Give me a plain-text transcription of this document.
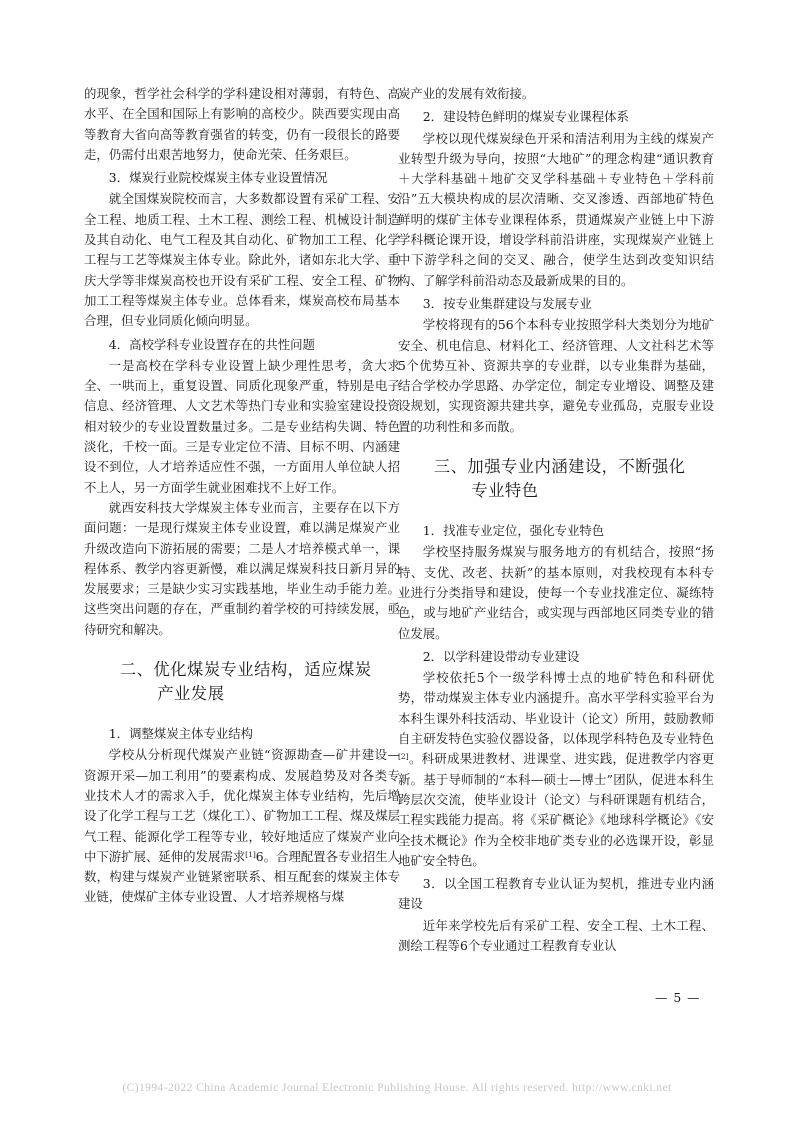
的现象，哲学社会科学的学科建设相对薄弱，有特色、高水平、在全国和国际上有影响的高校少。陕西要实现由高等教育大省向高等教育强省的转变，仍有一段很长的路要走，仍需付出艰苦地努力，使命光荣、任务艰巨。

3．煤炭行业院校煤炭主体专业设置情况

就全国煤炭院校而言，大多数都设置有采矿工程、安全工程、地质工程、土木工程、测绘工程、机械设计制造及其自动化、电气工程及其自动化、矿物加工工程、化学工程与工艺等煤炭主体专业。除此外，诸如东北大学、重庆大学等非煤炭高校也开设有采矿工程、安全工程、矿物加工工程等煤炭主体专业。总体看来，煤炭高校布局基本合理，但专业同质化倾向明显。

4．高校学科专业设置存在的共性问题

一是高校在学科专业设置上缺少理性思考，贪大求全、一哄而上，重复设置、同质化现象严重，特别是电子信息、经济管理、人文艺术等热门专业和实验室建设投资相对较少的专业设置数量过多。二是专业结构失调、特色淡化，千校一面。三是专业定位不清、目标不明、内涵建设不到位，人才培养适应性不强，一方面用人单位缺人招不上人，另一方面学生就业困难找不上好工作。

就西安科技大学煤炭主体专业而言，主要存在以下方面问题：一是现行煤炭主体专业设置，难以满足煤炭产业升级改造向下游拓展的需要；二是人才培养模式单一，课程体系、教学内容更新慢，难以满足煤炭科技日新月异的发展要求；三是缺少实习实践基地，毕业生动手能力差。这些突出问题的存在，严重制约着学校的可持续发展，亟待研究和解决。

二、优化煤炭专业结构，适应煤炭
产业发展

1．调整煤炭主体专业结构

学校从分析现代煤炭产业链“资源勘查—矿井建设—资源开采—加工利用”的要素构成、发展趋势及对各类专业技术人才的需求入手，优化煤炭主体专业结构，先后增设了化学工程与工艺（煤化工）、矿物加工工程、煤及煤层气工程、能源化学工程等专业，较好地适应了煤炭产业向中下游扩展、延伸的发展需求[1]6。合理配置各专业招生人数，构建与煤炭产业链紧密联系、相互配套的煤炭主体专业链，使煤矿主体专业设置、人才培养规格与煤

炭产业的发展有效衔接。

2．建设特色鲜明的煤炭专业课程体系

学校以现代煤炭绿色开采和清洁利用为主线的煤炭产业转型升级为导向，按照“大地矿”的理念构建“通识教育＋大学科基础＋地矿交叉学科基础＋专业特色＋学科前沿”五大模块构成的层次清晰、交叉渗透、西部地矿特色鲜明的煤矿主体专业课程体系，贯通煤炭产业链上中下游学科概论课开设，增设学科前沿讲座，实现煤炭产业链上中下游学科之间的交叉、融合，使学生达到改变知识结构、了解学科前沿动态及最新成果的目的。

3．按专业集群建设与发展专业

学校将现有的56个本科专业按照学科大类划分为地矿安全、机电信息、材料化工、经济管理、人文社科艺术等5个优势互补、资源共享的专业群，以专业集群为基础，结合学校办学思路、办学定位，制定专业增设、调整及建设规划，实现资源共建共享，避免专业孤岛，克服专业设置的功利性和多而散。

三、加强专业内涵建设，不断强化
专业特色

1．找准专业定位，强化专业特色

学校坚持服务煤炭与服务地方的有机结合，按照“扬特、支优、改老、扶新”的基本原则，对我校现有本科专业进行分类指导和建设，使每一个专业找准定位、凝练特色，或与地矿产业结合，或实现与西部地区同类专业的错位发展。

2．以学科建设带动专业建设

学校依托5个一级学科博士点的地矿特色和科研优势，带动煤炭主体专业内涵提升。高水平学科实验平台为本科生课外科技活动、毕业设计（论文）所用，鼓励教师自主研发特色实验仪器设备，以体现学科特色及专业特色[2]。科研成果进教材、进课堂、进实践，促进教学内容更新。基于导师制的“本科—硕士—博士”团队，促进本科生跨层次交流，使毕业设计（论文）与科研课题有机结合，工程实践能力提高。将《采矿概论》《地球科学概论》《安全技术概论》作为全校非地矿类专业的必选课开设，彰显地矿安全特色。

3．以全国工程教育专业认证为契机，推进专业内涵建设

近年来学校先后有采矿工程、安全工程、土木工程、测绘工程等6个专业通过工程教育专业认

— 5 —
(C)1994-2022 China Academic Journal Electronic Publishing House. All rights reserved. http://www.cnki.net
